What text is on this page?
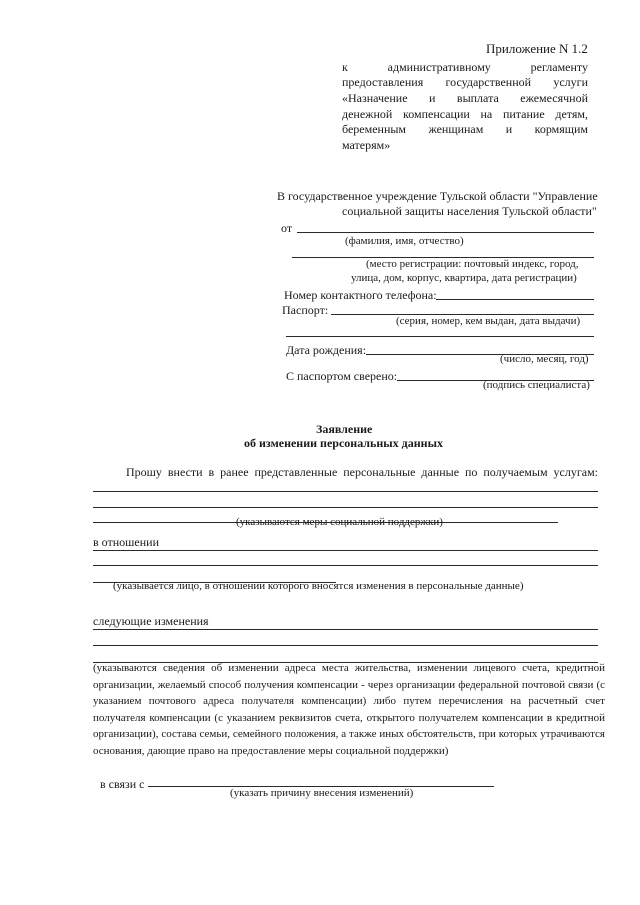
Приложение N 1.2
к административному регламенту
предоставления государственной услуги
«Назначение и выплата ежемесячной
денежной компенсации на питание детям,
беременным женщинам и кормящим
матерям»
В государственное учреждение Тульской области "Управление
социальной защиты населения Тульской области"
от
(фамилия, имя, отчество)
(место регистрации: почтовый индекс, город,
улица, дом, корпус, квартира, дата регистрации)
Номер контактного телефона:
Паспорт:
(серия, номер, кем выдан, дата выдачи)
Дата рождения:
(число, месяц, год)
С паспортом сверено:
(подпись специалиста)
Заявление
об изменении персональных данных
Прошу внести в ранее представленные персональные данные по получаемым услугам:
(указываются меры социальной поддержки)
в отношении
(указывается лицо, в отношении которого вносятся изменения в персональные данные)
следующие изменения
(указываются сведения об изменении адреса места жительства, изменении лицевого счета, кредитной организации, желаемый способ получения компенсации - через организации федеральной почтовой связи (с указанием почтового адреса получателя компенсации) либо путем перечисления на расчетный счет получателя компенсации (с указанием реквизитов счета, открытого получателем компенсации в кредитной организации), состава семьи, семейного положения, а также иных обстоятельств, при которых утрачиваются основания, дающие право на предоставление меры социальной поддержки)
в связи с
(указать причину внесения изменений)
